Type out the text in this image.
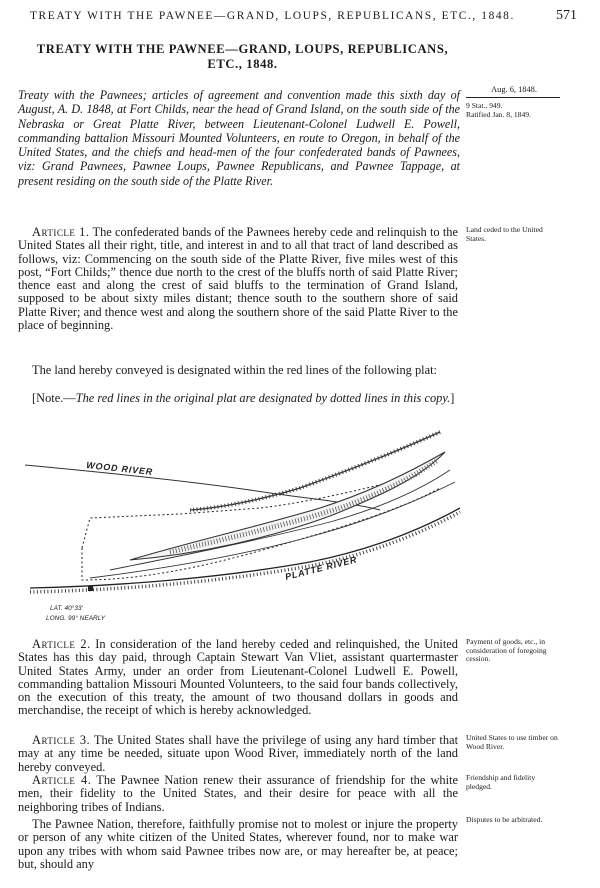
TREATY WITH THE PAWNEE—GRAND, LOUPS, REPUBLICANS, ETC., 1848.	571
TREATY WITH THE PAWNEE—GRAND, LOUPS, REPUBLICANS,
ETC., 1848.

Treaty with the Pawnees; articles of agreement and convention made this sixth day of August, A. D. 1848, at Fort Childs, near the head of Grand Island, on the south side of the Nebraska or Great Platte River, between Lieutenant-Colonel Ludwell E. Powell, commanding battalion Missouri Mounted Volunteers, en route to Oregon, in behalf of the United States, and the chiefs and head-men of the four confederated bands of Pawnees, viz: Grand Pawnees, Pawnee Loups, Pawnee Republicans, and Pawnee Tappage, at present residing on the south side of the Platte River.

Aug. 6, 1848.
9 Stat., 949.
Ratified Jan. 8, 1849.
Land ceded to the United States.
Payment of goods, etc., in consideration of foregoing cession.
United States to use timber on Wood River.
Friendship and fidelity pledged.
Disputes to be arbitrated.

Article 1. The confederated bands of the Pawnees hereby cede and relinquish to the United States all their right, title, and interest in and to all that tract of land described as follows, viz: Commencing on the south side of the Platte River, five miles west of this post, “Fort Childs;” thence due north to the crest of the bluffs north of said Platte River; thence east and along the crest of said bluffs to the termination of Grand Island, supposed to be about sixty miles distant; thence south to the southern shore of said Platte River; and thence west and along the southern shore of the said Platte River to the place of beginning.

The land hereby conveyed is designated within the red lines of the following plat:

[Note.—The red lines in the original plat are designated by dotted lines in this copy.]

WOOD RIVER
PLATTE RIVER
LAT. 40°33'
LONG. 99° NEARLY

Article 2. In consideration of the land hereby ceded and relinquished, the United States has this day paid, through Captain Stewart Van Vliet, assistant quartermaster United States Army, under an order from Lieutenant-Colonel Ludwell E. Powell, commanding battalion Missouri Mounted Volunteers, to the said four bands collectively, on the execution of this treaty, the amount of two thousand dollars in goods and merchandise, the receipt of which is hereby acknowledged.

Article 3. The United States shall have the privilege of using any hard timber that may at any time be needed, situate upon Wood River, immediately north of the land hereby conveyed.

Article 4. The Pawnee Nation renew their assurance of friendship for the white men, their fidelity to the United States, and their desire for peace with all the neighboring tribes of Indians.

The Pawnee Nation, therefore, faithfully promise not to molest or injure the property or person of any white citizen of the United States, wherever found, nor to make war upon any tribes with whom said Pawnee tribes now are, or may hereafter be, at peace; but, should any
